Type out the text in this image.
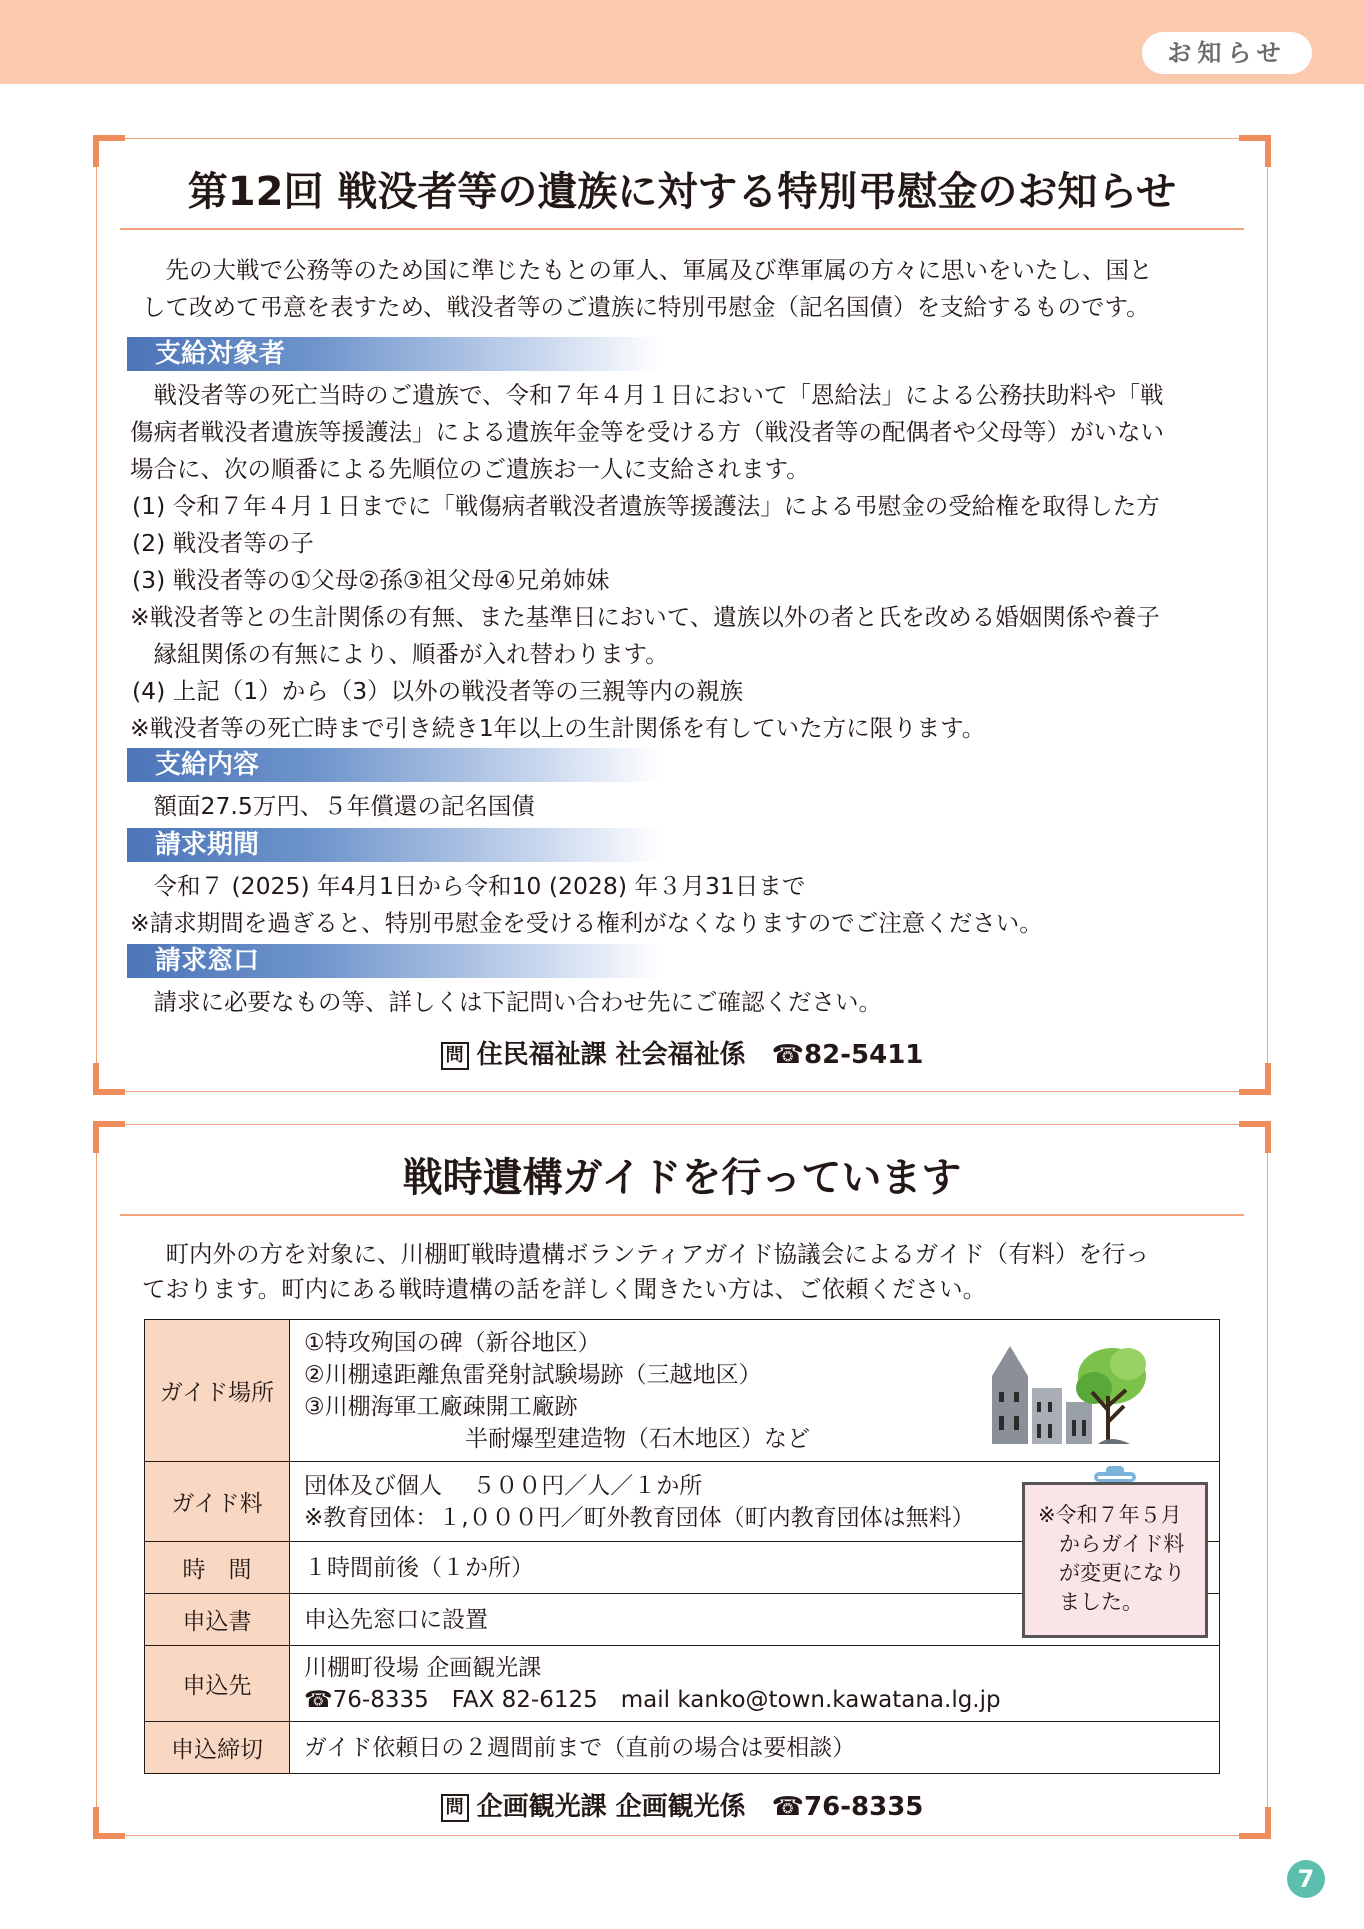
お知らせ
第12回 戦没者等の遺族に対する特別弔慰金のお知らせ

　先の大戦で公務等のため国に準じたもとの軍人、軍属及び準軍属の方々に思いをいたし、国と

して改めて弔意を表すため、戦没者等のご遺族に特別弔慰金（記名国債）を支給するものです。

支給対象者

　戦没者等の死亡当時のご遺族で、令和７年４月１日において「恩給法」による公務扶助料や「戦

傷病者戦没者遺族等援護法」による遺族年金等を受ける方（戦没者等の配偶者や父母等）がいない

場合に、次の順番による先順位のご遺族お一人に支給されます。

(1) 令和７年４月１日までに「戦傷病者戦没者遺族等援護法」による弔慰金の受給権を取得した方

(2) 戦没者等の子

(3) 戦没者等の①父母②孫③祖父母④兄弟姉妹

※戦没者等との生計関係の有無、また基準日において、遺族以外の者と氏を改める婚姻関係や養子

　縁組関係の有無により、順番が入れ替わります。

(4) 上記（1）から（3）以外の戦没者等の三親等内の親族

※戦没者等の死亡時まで引き続き1年以上の生計関係を有していた方に限ります。

支給内容

　額面27.5万円、５年償還の記名国債

請求期間

　令和７ (2025) 年4月1日から令和10 (2028) 年３月31日まで

※請求期間を過ぎると、特別弔慰金を受ける権利がなくなりますのでご注意ください。

請求窓口

　請求に必要なもの等、詳しくは下記問い合わせ先にご確認ください。

問 住民福祉課 社会福祉係　☎82-5411
戦時遺構ガイドを行っています

　町内外の方を対象に、川棚町戦時遺構ボランティアガイド協議会によるガイド（有料）を行っ

ております。町内にある戦時遺構の話を詳しく聞きたい方は、ご依頼ください。

ガイド場所	①特攻殉国の碑（新谷地区）
②川棚遠距離魚雷発射試験場跡（三越地区）
③川棚海軍工廠疎開工廠跡
　　　　　　　半耐爆型建造物（石木地区）など

ガイド料	団体及び個人　 ５００円／人／１か所
※教育団体：１,０００円／町外教育団体（町内教育団体は無料）

時　間	１時間前後（１か所）
申込書	申込先窓口に設置
申込先	川棚町役場 企画観光課
☎76-8335　FAX 82-6125　mail kanko@town.kawatana.lg.jp

申込締切	ガイド依頼日の２週間前まで（直前の場合は要相談）
※令和７年５月
　からガイド料
　が変更になり
　ました。
問 企画観光課 企画観光係　☎76-8335
7
